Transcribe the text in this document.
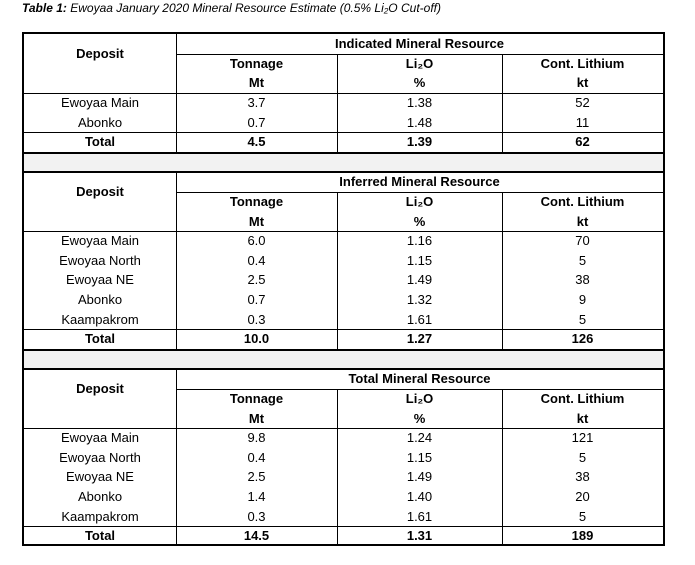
Table 1: Ewoyaa January 2020 Mineral Resource Estimate (0.5% Li₂O Cut-off)
Indicated Mineral Resource
Deposit
Tonnage	Li₂O	Cont. Lithium
Mt	%	kt
Ewoyaa Main	3.7	1.38	52
Abonko	0.7	1.48	11
Total	4.5	1.39	62
Inferred Mineral Resource
Deposit
Tonnage	Li₂O	Cont. Lithium
Mt	%	kt
Ewoyaa Main	6.0	1.16	70
Ewoyaa North	0.4	1.15	5
Ewoyaa NE	2.5	1.49	38
Abonko	0.7	1.32	9
Kaampakrom	0.3	1.61	5
Total	10.0	1.27	126
Total Mineral Resource
Deposit
Tonnage	Li₂O	Cont. Lithium
Mt	%	kt
Ewoyaa Main	9.8	1.24	121
Ewoyaa North	0.4	1.15	5
Ewoyaa NE	2.5	1.49	38
Abonko	1.4	1.40	20
Kaampakrom	0.3	1.61	5
Total	14.5	1.31	189
